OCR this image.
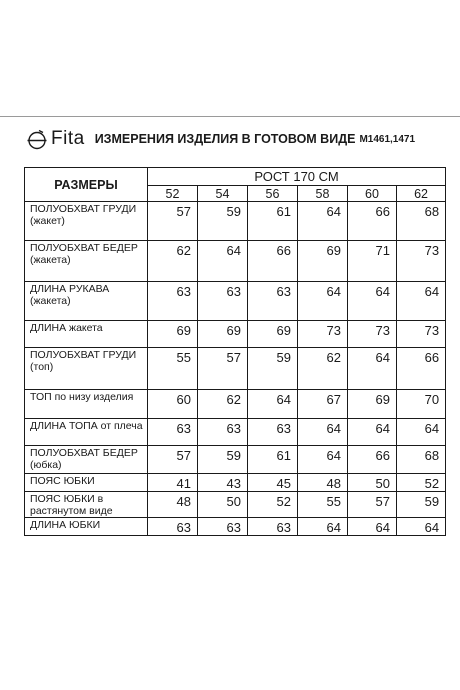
Fita ИЗМЕРЕНИЯ ИЗДЕЛИЯ В ГОТОВОМ ВИДЕ М1461,1471
РАЗМЕРЫ	РОСТ 170 СМ					
	52	54	56	58	60	62
ПОЛУОБХВАТ ГРУДИ (жакет)	57	59	61	64	66	68
ПОЛУОБХВАТ БЕДЕР (жакета)	62	64	66	69	71	73
ДЛИНА РУКАВА (жакета)	63	63	63	64	64	64
ДЛИНА жакета	69	69	69	73	73	73
ПОЛУОБХВАТ ГРУДИ (топ)	55	57	59	62	64	66
ТОП по низу изделия	60	62	64	67	69	70
ДЛИНА ТОПА от плеча	63	63	63	64	64	64
ПОЛУОБХВАТ БЕДЕР (юбка)	57	59	61	64	66	68
ПОЯС ЮБКИ	41	43	45	48	50	52
ПОЯС ЮБКИ в растянутом виде	48	50	52	55	57	59
ДЛИНА ЮБКИ	63	63	63	64	64	64
